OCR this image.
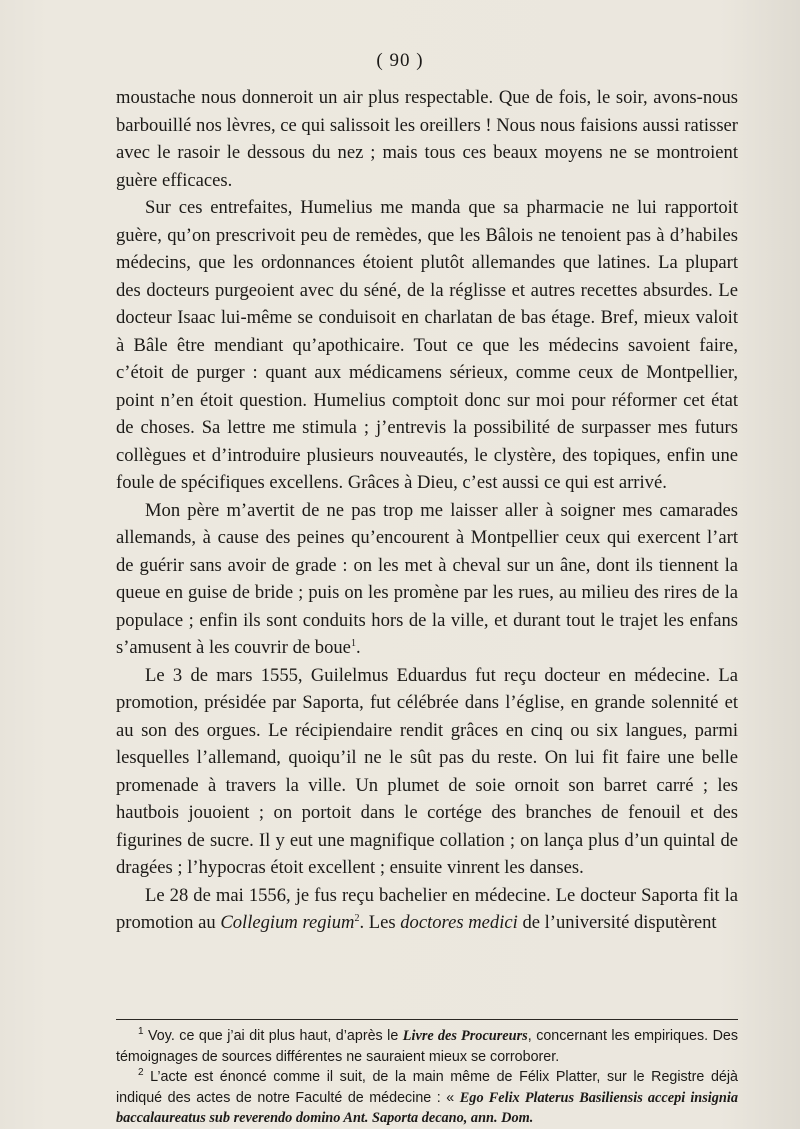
( 90 )

moustache nous donneroit un air plus respectable. Que de fois, le soir, avons-nous barbouillé nos lèvres, ce qui salissoit les oreillers ! Nous nous faisions aussi ratisser avec le rasoir le dessous du nez ; mais tous ces beaux moyens ne se montroient guère efficaces.

Sur ces entrefaites, Humelius me manda que sa pharmacie ne lui rapportoit guère, qu’on prescrivoit peu de remèdes, que les Bâlois ne tenoient pas à d’habiles médecins, que les ordonnances étoient plutôt allemandes que latines. La plupart des docteurs purgeoient avec du séné, de la réglisse et autres recettes absurdes. Le docteur Isaac lui-même se conduisoit en charlatan de bas étage. Bref, mieux valoit à Bâle être mendiant qu’apothicaire. Tout ce que les médecins savoient faire, c’étoit de purger : quant aux médicamens sérieux, comme ceux de Montpellier, point n’en étoit question. Humelius comptoit donc sur moi pour réformer cet état de choses. Sa lettre me stimula ; j’entrevis la possibilité de surpasser mes futurs collègues et d’introduire plusieurs nouveautés, le clystère, des topiques, enfin une foule de spécifiques excellens. Grâces à Dieu, c’est aussi ce qui est arrivé.

Mon père m’avertit de ne pas trop me laisser aller à soigner mes camarades allemands, à cause des peines qu’encourent à Montpellier ceux qui exercent l’art de guérir sans avoir de grade : on les met à cheval sur un âne, dont ils tiennent la queue en guise de bride ; puis on les promène par les rues, au milieu des rires de la populace ; enfin ils sont conduits hors de la ville, et durant tout le trajet les enfans s’amusent à les couvrir de boue$^1$.

Le 3 de mars 1555, Guilelmus Eduardus fut reçu docteur en médecine. La promotion, présidée par Saporta, fut célébrée dans l’église, en grande solennité et au son des orgues. Le récipiendaire rendit grâces en cinq ou six langues, parmi lesquelles l’allemand, quoiqu’il ne le sût pas du reste. On lui fit faire une belle promenade à travers la ville. Un plumet de soie ornoit son barret carré ; les hautbois jouoient ; on portoit dans le cortége des branches de fenouil et des figurines de sucre. Il y eut une magnifique collation ; on lança plus d’un quintal de dragées ; l’hypocras étoit excellent ; ensuite vinrent les danses.

Le 28 de mai 1556, je fus reçu bachelier en médecine. Le docteur Saporta fit la promotion au Collegium regium$^2$. Les doctores medici de l’université disputèrent

$^1$ Voy. ce que j’ai dit plus haut, d’après le Livre des Procureurs, concernant les empiriques. Des témoignages de sources différentes ne sauraient mieux se corroborer.

$^2$ L’acte est énoncé comme il suit, de la main même de Félix Platter, sur le Registre déjà indiqué des actes de notre Faculté de médecine : « Ego Felix Platerus Basiliensis accepi insignia baccalaureatus sub reverendo domino Ant. Saporta decano, ann. Dom.
